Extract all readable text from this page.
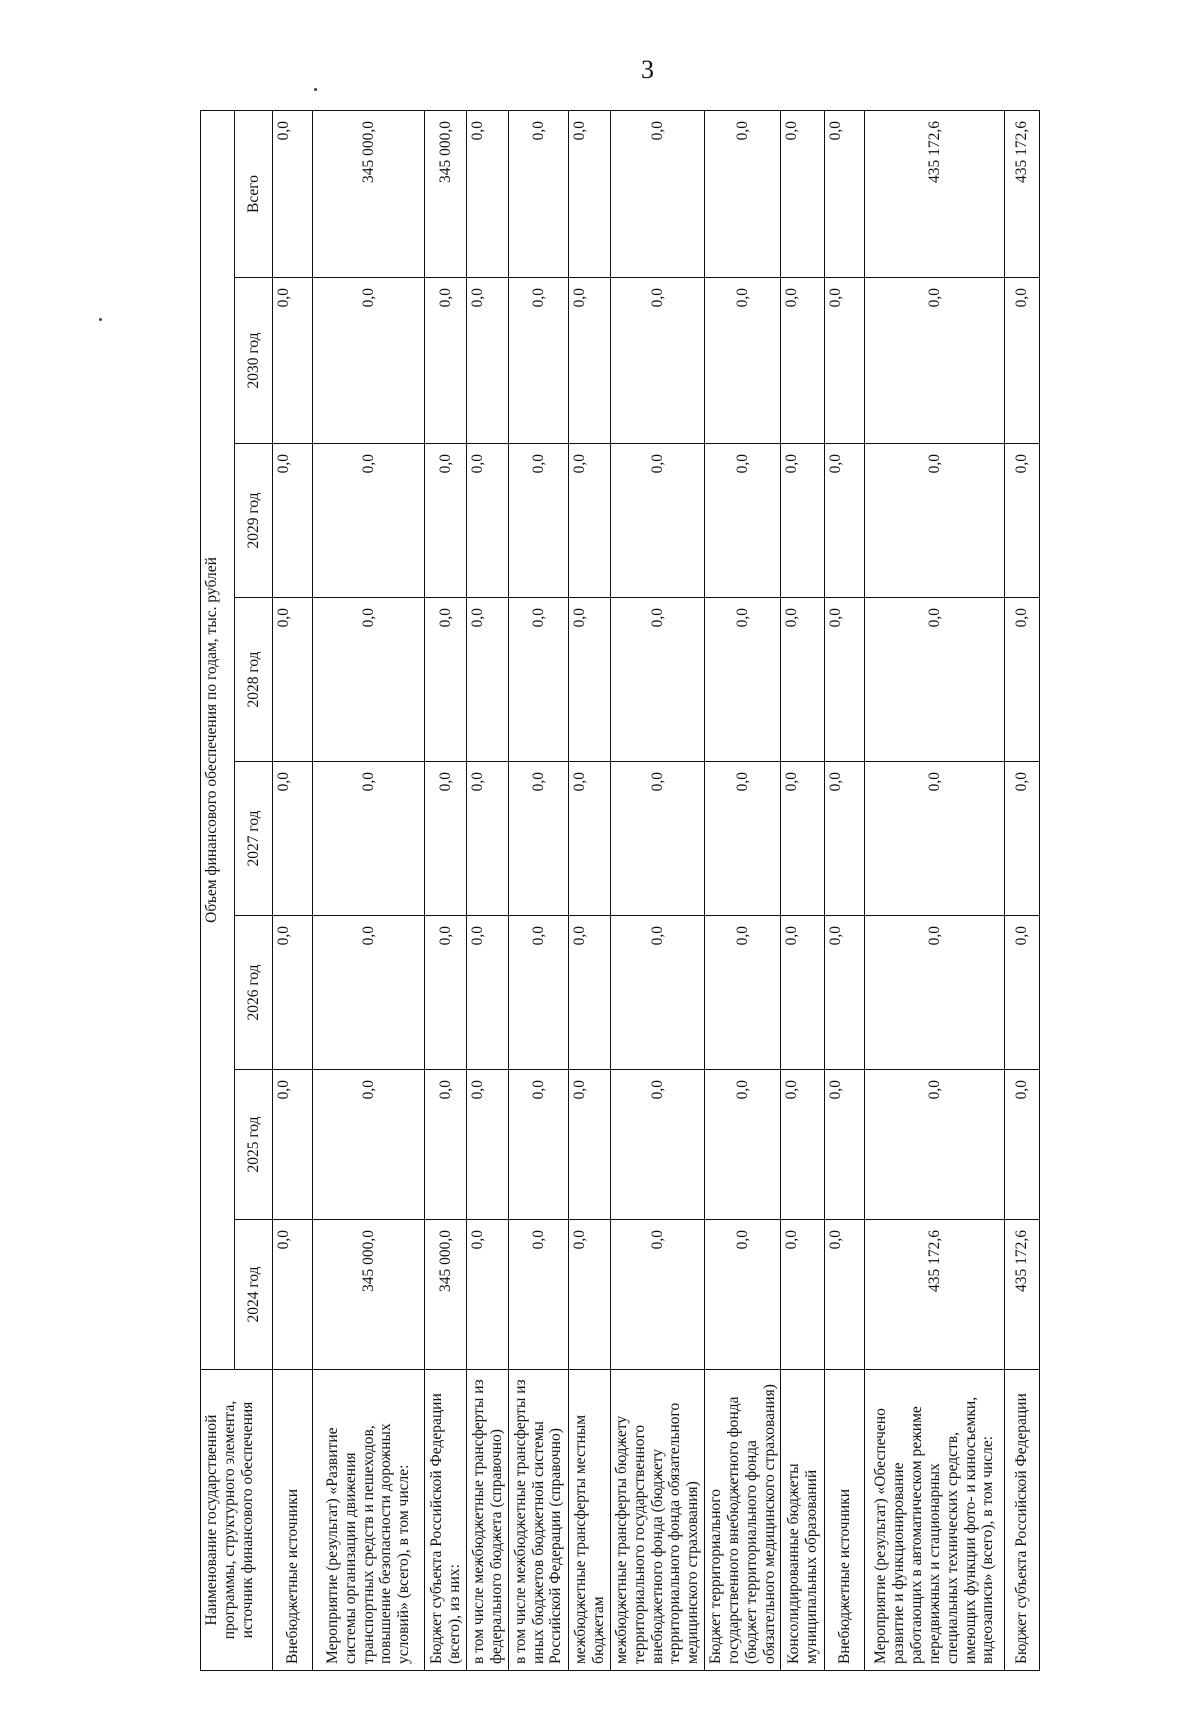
3
Наименование государственной программы, структурного элемента, источник финансового обеспечения	Объем финансового обеспечения по годам, тыс. рублей							
	2024 год	2025 год	2026 год	2027 год	2028 год	2029 год	2030 год	Всего
Внебюджетные источники	0,0	0,0	0,0	0,0	0,0	0,0	0,0	0,0
Мероприятие (результат) «Развитие системы организации движения транспортных средств и пешеходов, повышение безопасности дорожных условий» (всего), в том числе:	345 000,0	0,0	0,0	0,0	0,0	0,0	0,0	345 000,0
Бюджет субъекта Российской Федерации (всего), из них:	345 000,0	0,0	0,0	0,0	0,0	0,0	0,0	345 000,0
в том числе межбюджетные трансферты из федерального бюджета (справочно)	0,0	0,0	0,0	0,0	0,0	0,0	0,0	0,0
в том числе межбюджетные трансферты из иных бюджетов бюджетной системы Российской Федерации (справочно)	0,0	0,0	0,0	0,0	0,0	0,0	0,0	0,0
межбюджетные трансферты местным бюджетам	0,0	0,0	0,0	0,0	0,0	0,0	0,0	0,0
межбюджетные трансферты бюджету территориального государственного внебюджетного фонда (бюджету территориального фонда обязательного медицинского страхования)	0,0	0,0	0,0	0,0	0,0	0,0	0,0	0,0
Бюджет территориального государственного внебюджетного фонда (бюджет территориального фонда обязательного медицинского страхования)	0,0	0,0	0,0	0,0	0,0	0,0	0,0	0,0
Консолидированные бюджеты муниципальных образований	0,0	0,0	0,0	0,0	0,0	0,0	0,0	0,0
Внебюджетные источники	0,0	0,0	0,0	0,0	0,0	0,0	0,0	0,0
Мероприятие (результат) «Обеспечено развитие и функционирование работающих в автоматическом режиме передвижных и стационарных специальных технических средств, имеющих функции фото- и киносъемки, видеозаписи» (всего), в том числе:	435 172,6	0,0	0,0	0,0	0,0	0,0	0,0	435 172,6
Бюджет субъекта Российской Федерации	435 172,6	0,0	0,0	0,0	0,0	0,0	0,0	435 172,6
